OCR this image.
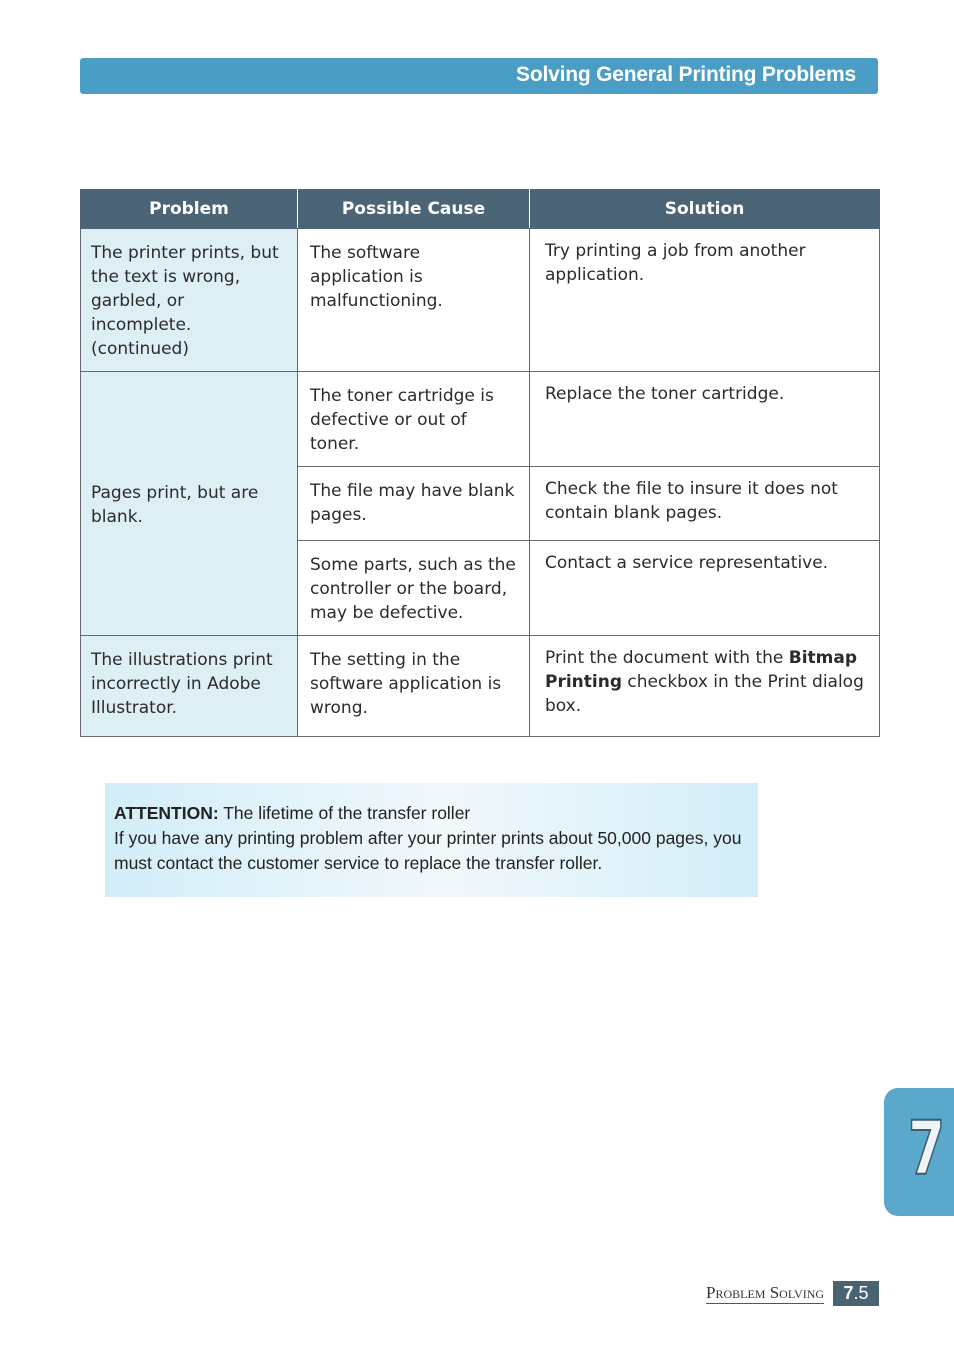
Solving General Printing Problems
Problem	Possible Cause	Solution
The printer prints, but the text is wrong, garbled, or incomplete. (continued)	The software application is malfunctioning.	Try printing a job from another application.
Pages print, but are blank.	The toner cartridge is defective or out of toner.	Replace the toner cartridge.
	The file may have blank pages.	Check the file to insure it does not contain blank pages.
	Some parts, such as the controller or the board, may be defective.	Contact a service representative.
The illustrations print incorrectly in Adobe Illustrator.	The setting in the software application is wrong.	Print the document with the Bitmap Printing checkbox in the Print dialog box.
ATTENTION: The lifetime of the transfer roller
If you have any printing problem after your printer prints about 50,000 pages, you must contact the customer service to replace the transfer roller.
7
Problem Solving	7.5
